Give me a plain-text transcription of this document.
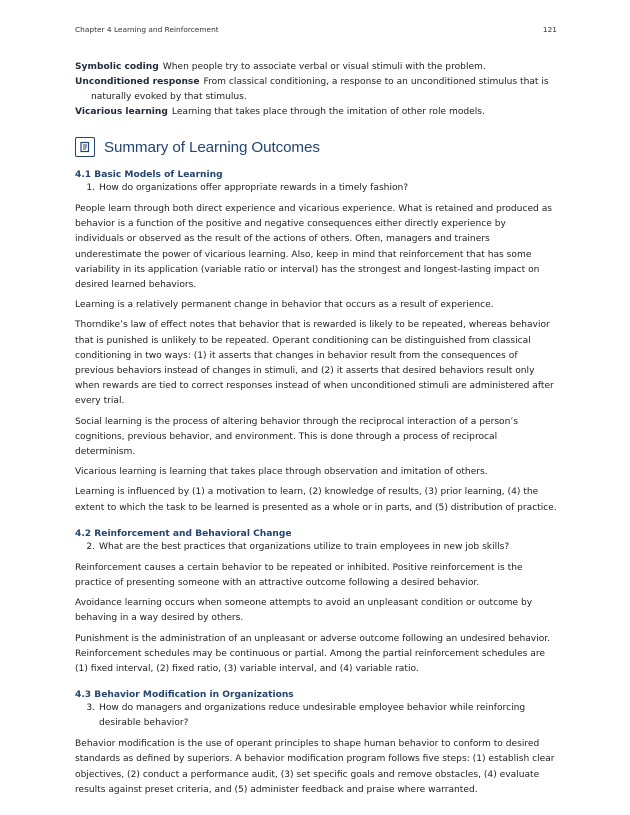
Chapter 4 Learning and Reinforcement	121

Symbolic coding When people try to associate verbal or visual stimuli with the problem.

Unconditioned response From classical conditioning, a response to an unconditioned stimulus that is naturally evoked by that stimulus.

Vicarious learning Learning that takes place through the imitation of other role models.

Summary of Learning Outcomes

4.1 Basic Models of Learning

1. How do organizations offer appropriate rewards in a timely fashion?

People learn through both direct experience and vicarious experience. What is retained and produced as behavior is a function of the positive and negative consequences either directly experience by individuals or observed as the result of the actions of others. Often, managers and trainers underestimate the power of vicarious learning. Also, keep in mind that reinforcement that has some variability in its application (variable ratio or interval) has the strongest and longest-lasting impact on desired learned behaviors.

Learning is a relatively permanent change in behavior that occurs as a result of experience.

Thorndike’s law of effect notes that behavior that is rewarded is likely to be repeated, whereas behavior that is punished is unlikely to be repeated. Operant conditioning can be distinguished from classical conditioning in two ways: (1) it asserts that changes in behavior result from the consequences of previous behaviors instead of changes in stimuli, and (2) it asserts that desired behaviors result only when rewards are tied to correct responses instead of when unconditioned stimuli are administered after every trial.

Social learning is the process of altering behavior through the reciprocal interaction of a person’s cognitions, previous behavior, and environment. This is done through a process of reciprocal determinism.

Vicarious learning is learning that takes place through observation and imitation of others.

Learning is influenced by (1) a motivation to learn, (2) knowledge of results, (3) prior learning, (4) the extent to which the task to be learned is presented as a whole or in parts, and (5) distribution of practice.

4.2 Reinforcement and Behavioral Change

2. What are the best practices that organizations utilize to train employees in new job skills?

Reinforcement causes a certain behavior to be repeated or inhibited. Positive reinforcement is the practice of presenting someone with an attractive outcome following a desired behavior.

Avoidance learning occurs when someone attempts to avoid an unpleasant condition or outcome by behaving in a way desired by others.

Punishment is the administration of an unpleasant or adverse outcome following an undesired behavior. Reinforcement schedules may be continuous or partial. Among the partial reinforcement schedules are (1) fixed interval, (2) fixed ratio, (3) variable interval, and (4) variable ratio.

4.3 Behavior Modification in Organizations

3. How do managers and organizations reduce undesirable employee behavior while reinforcing desirable behavior?

Behavior modification is the use of operant principles to shape human behavior to conform to desired standards as defined by superiors. A behavior modification program follows five steps: (1) establish clear objectives, (2) conduct a performance audit, (3) set specific goals and remove obstacles, (4) evaluate results against preset criteria, and (5) administer feedback and praise where warranted.
